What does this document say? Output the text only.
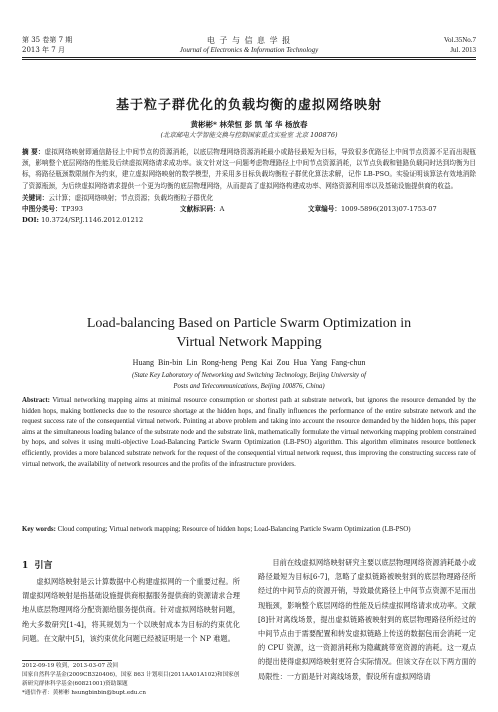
第 35 卷第 7 期
2013 年 7 月
电 子 与 信 息 学 报
Journal of Electronics & Information Technology
Vol.35No.7
Jul. 2013
基于粒子群优化的负载均衡的虚拟网络映射
黄彬彬* 林荣恒 彭 凯 邹 华 杨放春
(北京邮电大学智能交换与控制国家重点实验室 北京 100876)
摘 要：虚拟网络映射即通信路径上中间节点的资源消耗，以底层物理网络资源消耗最小或路径最短为目标，导致很多优路径上中间节点资源不足而出现瓶颈，影响整个底层网络的性能及后续虚拟网络请求成功率。该文针对这一问题考虑物理路径上中间节点资源消耗，以节点负载和链路负载同时达到均衡为目标，将路径瓶颈数限制作为约束，建立虚拟网络映射的数学模型，并采用多目标负载均衡粒子群优化算法求解，记作 LB-PSO。实验证明该算法有效地消除了资源瓶颈，为后续虚拟网络请求提供一个更为均衡的底层物理网络，从而提高了虚拟网络构建成功率、网络资源利用率以及基础设施提供商的收益。
关键词：云计算；虚拟网络映射；节点资源；负载均衡粒子群优化
中图分类号：TP393	文献标识码：A	文章编号：1009-5896(2013)07-1753-07
DOI: 10.3724/SP.J.1146.2012.01212
Load-balancing Based on Particle Swarm Optimization in
Virtual Network Mapping
Huang Bin-bin Lin Rong-heng Peng Kai Zou Hua Yang Fang-chun
(State Key Laboratory of Networking and Switching Technology, Beijing University of
Posts and Telecommunications, Beijing 100876, China)
Abstract: Virtual networking mapping aims at minimal resource consumption or shortest path at substrate network, but ignores the resource demanded by the hidden hops, making bottlenecks due to the resource shortage at the hidden hops, and finally influences the performance of the entire substrate network and the request success rate of the consequential virtual network. Pointing at above problem and taking into account the resource demanded by the hidden hops, this paper aims at the simultaneous loading balance of the substrate node and the substrate link, mathematically formulate the virtual networking mapping problem constrained by hops, and solves it using multi-objective Load-Balancing Particle Swarm Optimization (LB-PSO) algorithm. This algorithm eliminates resource bottleneck efficiently, provides a more balanced substrate network for the request of the consequential virtual network request, thus improving the constructing success rate of virtual network, the availability of network resources and the profits of the infrastructure providers.
Key words: Cloud computing; Virtual network mapping; Resource of hidden hops; Load-Balancing Particle Swarm Optimization (LB-PSO)
1 引言
虚拟网络映射是云计算数据中心构建虚拟网的一个重要过程。所谓虚拟网络映射是指基础设施提供商根据服务提供商的资源请求合理地从底层物理网络分配资源给服务提供商。针对虚拟网络映射问题，绝大多数研究[1-4]，将其规划为一个以映射成本为目标的约束优化问题。在文献中[5]，该约束优化问题已经被证明是一个 NP 难题。
目前在线虚拟网络映射研究主要以底层物理网络资源消耗最小或路径最短为目标[6-7]，忽略了虚拟链路被映射到的底层物理路径所经过的中间节点的资源开销，导致最优路径上中间节点资源不足而出现瓶颈，影响整个底层网络的性能及后续虚拟网络请求成功率。文献[8]针对离线场景，提出虚拟链路被映射到的底层物理路径所经过的中间节点由于需要配置和转发虚拟链路上传送的数据包而会消耗一定的 CPU 资源，这一资源消耗称为隐藏跳带宽资源的消耗。这一观点的提出使得虚拟网络映射更符合实际情况。但该文存在以下两方面的局限性：一方面是针对离线场景，假设所有虚拟网络请
2012-09-19 收到，2013-03-07 改回
国家自然科学基金(2009CB320406)，国家 863 计划项目(2011AA01A102)和国家创新研究群体科学基金(60821001)资助课题
*通信作者：黄彬彬 hsungbinbin@bupt.edu.cn
